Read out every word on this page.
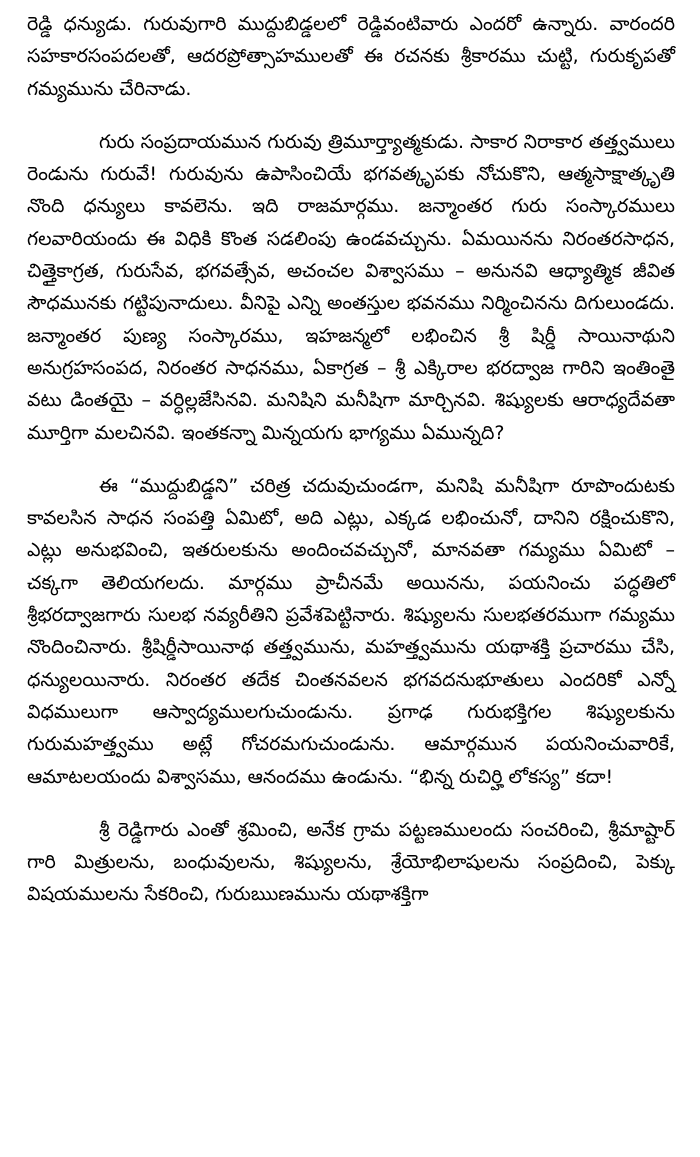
రెడ్డి ధన్యుడు. గురువుగారి ముద్దుబిడ్డలలో రెడ్డివంటివారు ఎందరో ఉన్నారు. వారందరి సహకారసంపదలతో, ఆదరప్రోత్సాహములతో ఈ రచనకు శ్రీకారము చుట్టి, గురుకృపతో గమ్యమును చేరినాడు.

గురు సంప్రదాయమున గురువు త్రిమూర్త్యాత్మకుడు. సాకార నిరాకార తత్త్వములు రెండును గురువే! గురువును ఉపాసించియే భగవత్కృపకు నోచుకొని, ఆత్మసాక్షాత్కృతి నొంది ధన్యులు కావలెను. ఇది రాజమార్గము. జన్మాంతర గురు సంస్కారములు గలవారియందు ఈ విధికి కొంత సడలింపు ఉండవచ్చును. ఏమయినను నిరంతరసాధన, చిత్తైకాగ్రత, గురుసేవ, భగవత్సేవ, అచంచల విశ్వాసము – అనునవి ఆధ్యాత్మిక జీవిత సౌధమునకు గట్టిపునాదులు. వీనిపై ఎన్ని అంతస్తుల భవనము నిర్మించినను దిగులుండదు. జన్మాంతర పుణ్య సంస్కారము, ఇహజన్మలో లభించిన శ్రీ షిర్డీ సాయినాథుని అనుగ్రహసంపద, నిరంతర సాధనము, ఏకాగ్రత – శ్రీ ఎక్కిరాల భరద్వాజ గారిని ఇంతింతై వటు డింతయై – వర్ధిల్లజేసినవి. మనిషిని మనీషిగా మార్చినవి. శిష్యులకు ఆరాధ్యదేవతా మూర్తిగా మలచినవి. ఇంతకన్నా మిన్నయగు భాగ్యము ఏమున్నది?

ఈ “ముద్దుబిడ్డని” చరిత్ర చదువుచుండగా, మనిషి మనీషిగా రూపొందుటకు కావలసిన సాధన సంపత్తి ఏమిటో, అది ఎట్లు, ఎక్కడ లభించునో, దానిని రక్షించుకొని, ఎట్లు అనుభవించి, ఇతరులకును అందించవచ్చునో, మానవతా గమ్యము ఏమిటో – చక్కగా తెలియగలదు. మార్గము ప్రాచీనమే అయినను, పయనించు పద్ధతిలో శ్రీభరద్వాజగారు సులభ నవ్యరీతిని ప్రవేశపెట్టినారు. శిష్యులను సులభతరముగా గమ్యము నొందించినారు. శ్రీషిర్డీసాయినాథ తత్త్వమును, మహత్త్వమును యథాశక్తి ప్రచారము చేసి, ధన్యులయినారు. నిరంతర తదేక చింతనవలన భగవదనుభూతులు ఎందరికో ఎన్నో విధములుగా ఆస్వాద్యములగుచుండును. ప్రగాఢ గురుభక్తిగల శిష్యులకును గురుమహత్త్వము అట్లే గోచరమగుచుండును. ఆమార్గమున పయనించువారికే, ఆమాటలయందు విశ్వాసము, ఆనందము ఉండును. “భిన్న రుచిర్హి లోకస్య” కదా!

శ్రీ రెడ్డిగారు ఎంతో శ్రమించి, అనేక గ్రామ పట్టణములందు సంచరించి, శ్రీమాష్టార్ గారి మిత్రులను, బంధువులను, శిష్యులను, శ్రేయోభిలాషులను సంప్రదించి, పెక్కు విషయములను సేకరించి, గురుఋణమును యథాశక్తిగా
